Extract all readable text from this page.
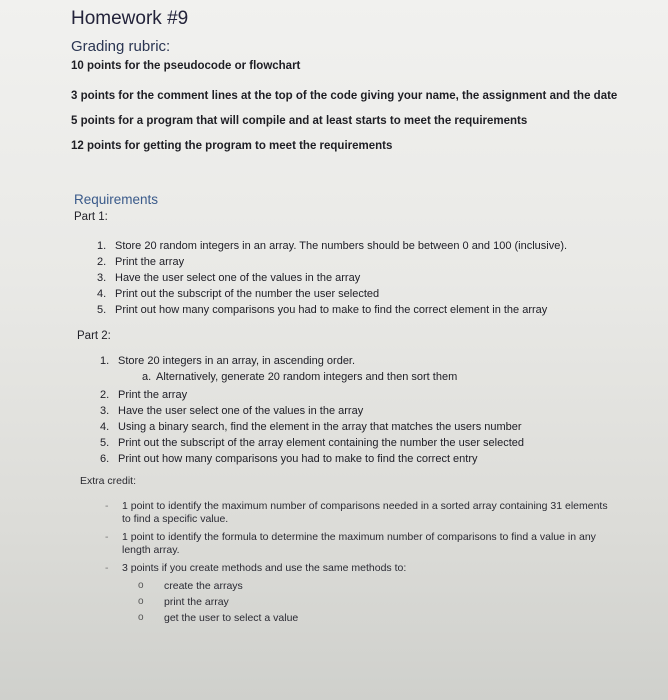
Homework #9
Grading rubric:
10 points for the pseudocode or flowchart
3 points for the comment lines at the top of the code giving your name, the assignment and the date
5 points for a program that will compile and at least starts to meet the requirements
12 points for getting the program to meet the requirements
Requirements
Part 1:
1. Store 20 random integers in an array. The numbers should be between 0 and 100 (inclusive).
2. Print the array
3. Have the user select one of the values in the array
4. Print out the subscript of the number the user selected
5. Print out how many comparisons you had to make to find the correct element in the array
Part 2:
1. Store 20 integers in an array, in ascending order.
a. Alternatively, generate 20 random integers and then sort them
2. Print the array
3. Have the user select one of the values in the array
4. Using a binary search, find the element in the array that matches the users number
5. Print out the subscript of the array element containing the number the user selected
6. Print out how many comparisons you had to make to find the correct entry
Extra credit:
- 1 point to identify the maximum number of comparisons needed in a sorted array containing 31 elements to find a specific value.
- 1 point to identify the formula to determine the maximum number of comparisons to find a value in any length array.
- 3 points if you create methods and use the same methods to:
o create the arrays
o print the array
o get the user to select a value
